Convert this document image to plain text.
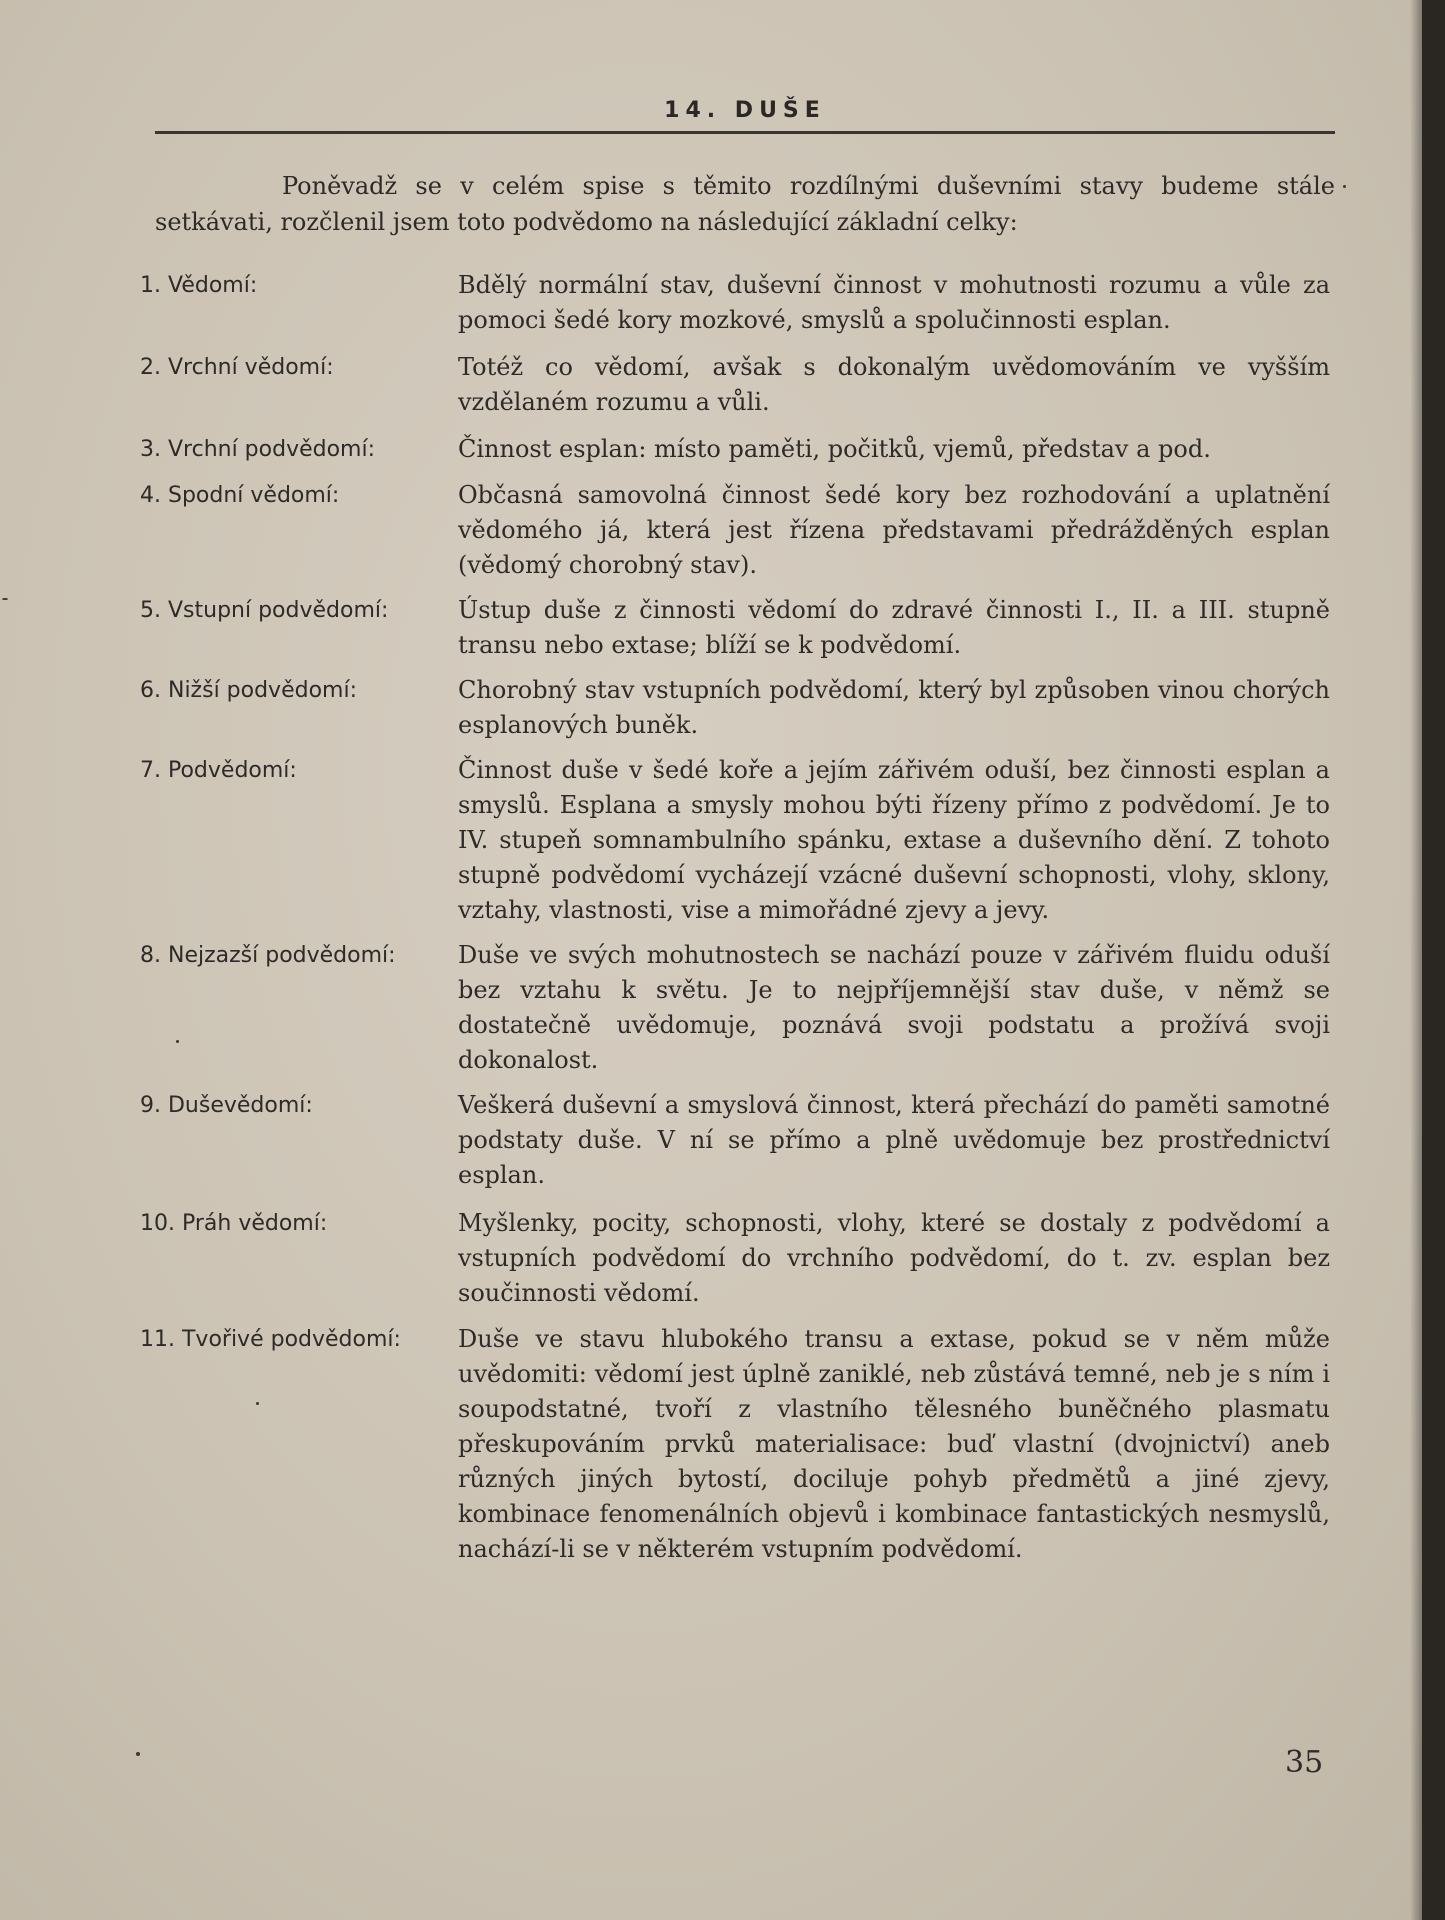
14. DUŠE
Poněvadž se v celém spise s těmito rozdílnými duševními stavy budeme stále setkávati, rozčlenil jsem toto podvědomo na následující základní celky:
1. Vědomí:	Bdělý normální stav, duševní činnost v mohutnosti rozumu a vůle za pomoci šedé kory mozkové, smyslů a spolučinnosti esplan.
2. Vrchní vědomí:	Totéž co vědomí, avšak s dokonalým uvědomováním ve vyšším vzdělaném rozumu a vůli.
3. Vrchní podvědomí:	Činnost esplan: místo paměti, počitků, vjemů, představ a pod.
4. Spodní vědomí:	Občasná samovolná činnost šedé kory bez rozhodování a uplatnění vědomého já, která jest řízena představami předrážděných esplan (vědomý chorobný stav).
5. Vstupní podvědomí:	Ústup duše z činnosti vědomí do zdravé činnosti I., II. a III. stupně transu nebo extase; blíží se k podvědomí.
6. Nižší podvědomí:	Chorobný stav vstupních podvědomí, který byl způsoben vinou chorých esplanových buněk.
7. Podvědomí:	Činnost duše v šedé koře a jejím zářivém oduší, bez činnosti esplan a smyslů. Esplana a smysly mohou býti řízeny přímo z podvědomí. Je to IV. stupeň somnambulního spánku, extase a duševního dění. Z tohoto stupně podvědomí vycházejí vzácné duševní schopnosti, vlohy, sklony, vztahy, vlastnosti, vise a mimořádné zjevy a jevy.
8. Nejzazší podvědomí:	Duše ve svých mohutnostech se nachází pouze v zářivém fluidu oduší bez vztahu k světu. Je to nejpříjemnější stav duše, v němž se dostatečně uvědomuje, poznává svoji podstatu a prožívá svoji dokonalost.
9. Duševědomí:	Veškerá duševní a smyslová činnost, která přechází do paměti samotné podstaty duše. V ní se přímo a plně uvědomuje bez prostřednictví esplan.
10. Práh vědomí:	Myšlenky, pocity, schopnosti, vlohy, které se dostaly z podvědomí a vstupních podvědomí do vrchního podvědomí, do t. zv. esplan bez součinnosti vědomí.
11. Tvořivé podvědomí:	Duše ve stavu hlubokého transu a extase, pokud se v něm může uvědomiti: vědomí jest úplně zaniklé, neb zůstává temné, neb je s ním i soupodstatné, tvoří z vlastního tělesného buněčného plasmatu přeskupováním prvků materialisace: buď vlastní (dvojnictví) aneb různých jiných bytostí, dociluje pohyb předmětů a jiné zjevy, kombinace fenomenálních objevů i kombinace fantastických nesmyslů, nachází-li se v některém vstupním podvědomí.
35
